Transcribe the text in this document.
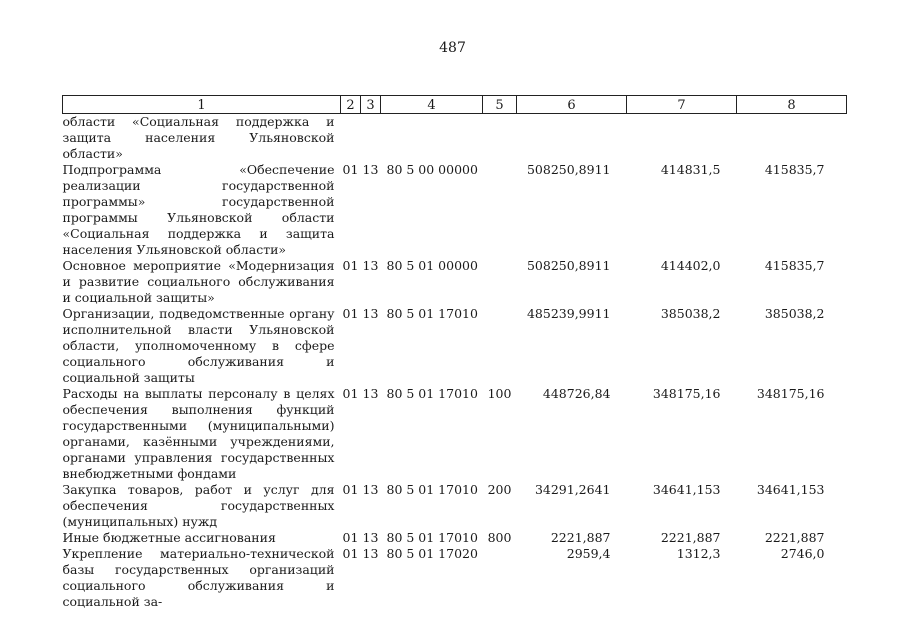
487
1	2	3	4	5	6	7	8
области «Социальная поддержка и защита населения Ульяновской области»							
Подпрограмма «Обеспечение реализации государственной программы» государственной программы Ульяновской области «Социальная поддержка и защита населения Ульяновской области»	01	13	80 5 00 00000		508250,8911	414831,5	415835,7
Основное мероприятие «Модернизация и развитие социального обслуживания и социальной защиты»	01	13	80 5 01 00000		508250,8911	414402,0	415835,7
Организации, подведомственные органу исполнительной власти Ульяновской области, уполномоченному в сфере социального обслуживания и социальной защиты	01	13	80 5 01 17010		485239,9911	385038,2	385038,2
Расходы на выплаты персоналу в целях обеспечения выполнения функций государственными (муниципальными) органами, казёнными учреждениями, органами управления государственных внебюджетными фондами	01	13	80 5 01 17010	100	448726,84	348175,16	348175,16
Закупка товаров, работ и услуг для обеспечения государственных (муниципальных) нужд	01	13	80 5 01 17010	200	34291,2641	34641,153	34641,153
Иные бюджетные ассигнования	01	13	80 5 01 17010	800	2221,887	2221,887	2221,887
Укрепление материально-технической базы государственных организаций социального обслуживания и социальной за-	01	13	80 5 01 17020		2959,4	1312,3	2746,0
